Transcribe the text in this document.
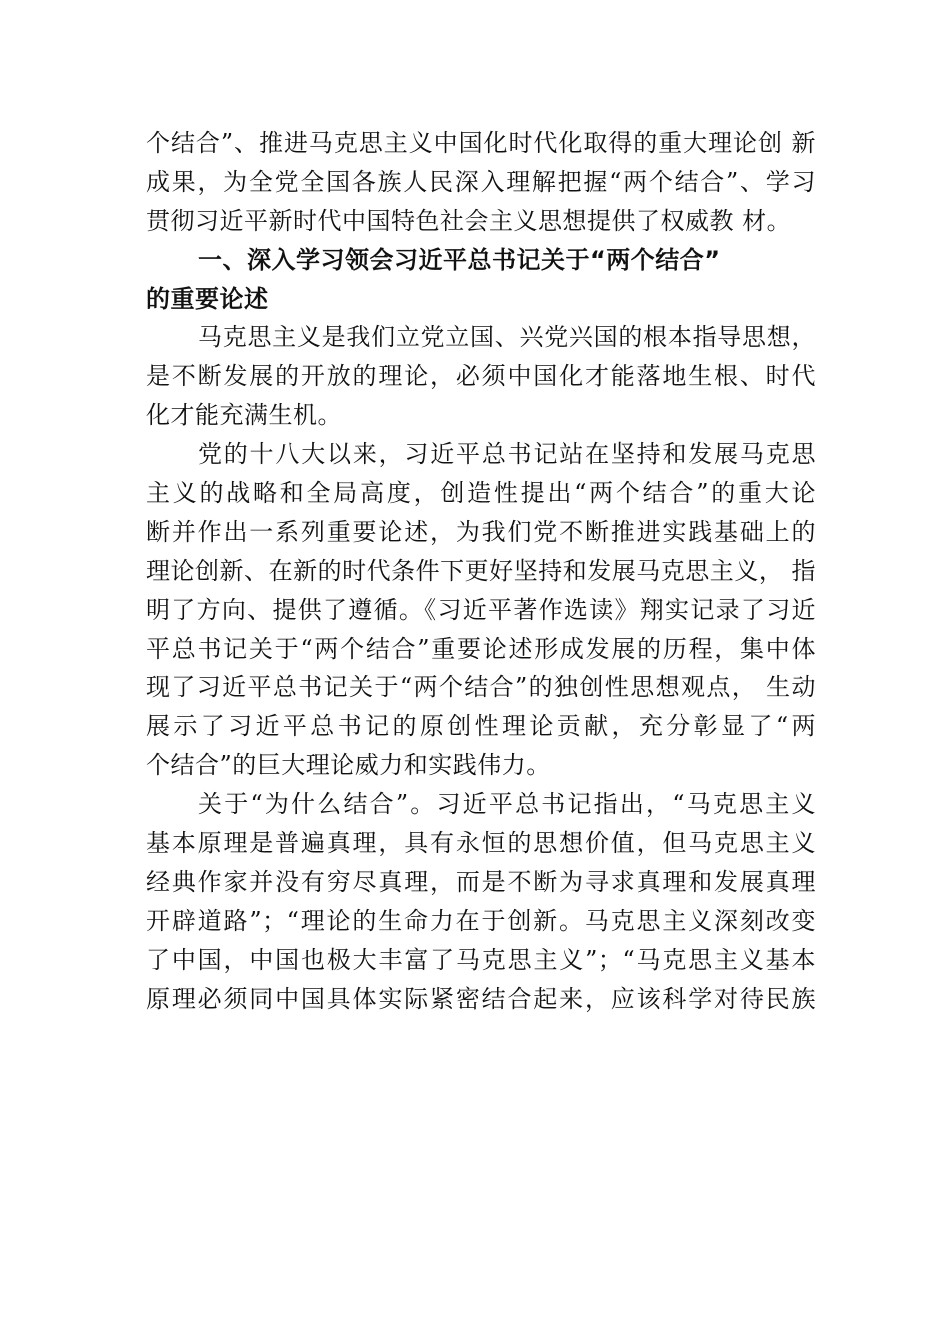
个结合”、推进马克思主义中国化时代化取得的重大理论创 新
成果，为全党全国各族人民深入理解把握“两个结合”、学习
贯彻习近平新时代中国特色社会主义思想提供了权威教 材。
一、深入学习领会习近平总书记关于“两个结合”
的重要论述
马克思主义是我们立党立国、兴党兴国的根本指导思想，
是不断发展的开放的理论，必须中国化才能落地生根、时代
化才能充满生机。
党的十八大以来，习近平总书记站在坚持和发展马克思
主义的战略和全局高度，创造性提出“两个结合”的重大论
断并作出一系列重要论述，为我们党不断推进实践基础上的
理论创新、在新的时代条件下更好坚持和发展马克思主义， 指
明了方向、提供了遵循。《习近平著作选读》翔实记录了习近
平总书记关于“两个结合”重要论述形成发展的历程，集中体
现了习近平总书记关于“两个结合”的独创性思想观点， 生动
展示了习近平总书记的原创性理论贡献，充分彰显了“两
个结合”的巨大理论威力和实践伟力。
关于“为什么结合”。习近平总书记指出，“马克思主义
基本原理是普遍真理，具有永恒的思想价值，但马克思主义
经典作家并没有穷尽真理，而是不断为寻求真理和发展真理
开辟道路”；“理论的生命力在于创新。马克思主义深刻改变
了中国，中国也极大丰富了马克思主义”；“马克思主义基本
原理必须同中国具体实际紧密结合起来，应该科学对待民族
